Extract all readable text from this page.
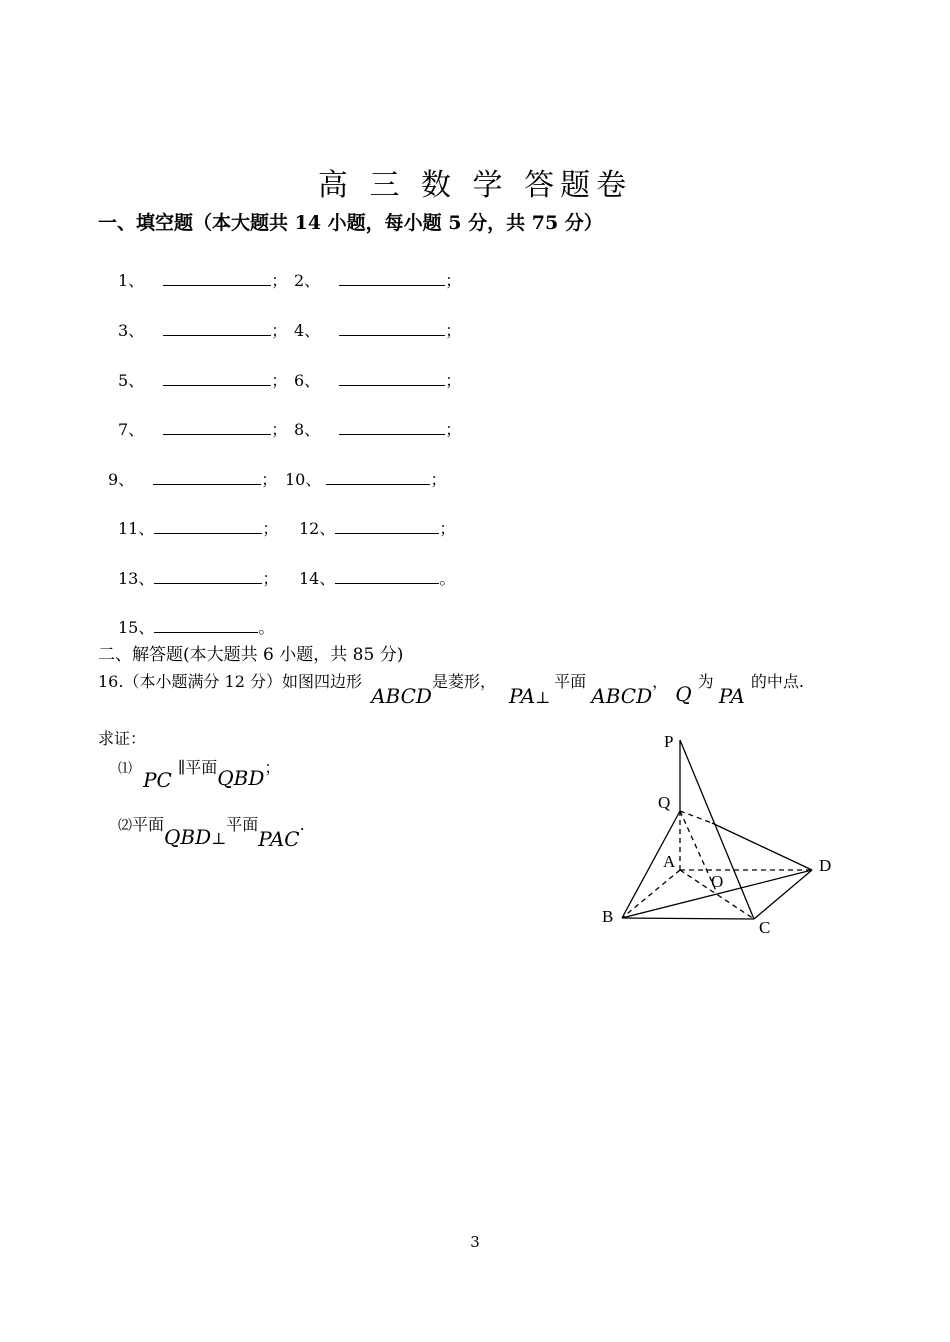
高 三 数 学 答题卷
一、填空题（本大题共 14 小题，每小题 5 分，共 75 分）
1、	； 2、	；
3、	； 4、	；
5、	； 6、	；
7、	； 8、	；
9、	； 10、	；
11、	； 12、	；
13、	； 14、	。
15、	。
二、解答题(本大题共 6 小题，共 85 分)
16.（本小题满分 12 分）如图四边形 ABCD是菱形， PA⊥平面 ABCD， Q为 PA的中点.
求证：
⑴ PC∥平面QBD；
⑵平面QBD⊥平面PAC.
P
Q
A
O
B
C
D
3
